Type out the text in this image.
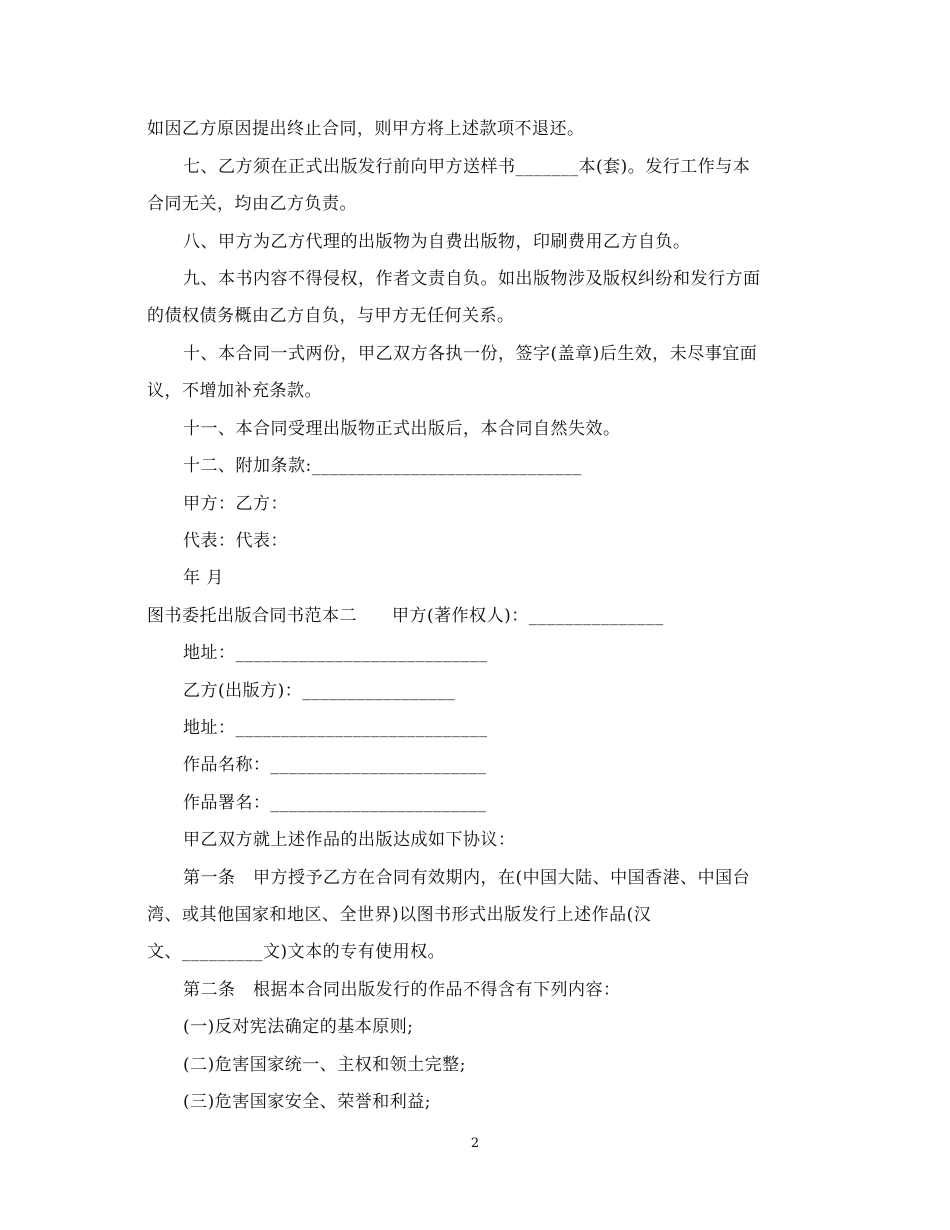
如因乙方原因提出终止合同，则甲方将上述款项不退还。
七、乙方须在正式出版发行前向甲方送样书_______本(套)。发行工作与本
合同无关，均由乙方负责。
八、甲方为乙方代理的出版物为自费出版物，印刷费用乙方自负。
九、本书内容不得侵权，作者文责自负。如出版物涉及版权纠纷和发行方面
的债权债务概由乙方自负，与甲方无任何关系。
十、本合同一式两份，甲乙双方各执一份，签字(盖章)后生效，未尽事宜面
议，不增加补充条款。
十一、本合同受理出版物正式出版后，本合同自然失效。
十二、附加条款:______________________________
甲方：乙方：
代表：代表：
年 月
图书委托出版合同书范本二　　甲方(著作权人)：_______________
地址：____________________________
乙方(出版方)：_________________
地址：____________________________
作品名称：________________________
作品署名：________________________
甲乙双方就上述作品的出版达成如下协议：
第一条　甲方授予乙方在合同有效期内，在(中国大陆、中国香港、中国台
湾、或其他国家和地区、全世界)以图书形式出版发行上述作品(汉
文、_________文)文本的专有使用权。
第二条　根据本合同出版发行的作品不得含有下列内容：
(一)反对宪法确定的基本原则;
(二)危害国家统一、主权和领土完整;
(三)危害国家安全、荣誉和利益;
2
